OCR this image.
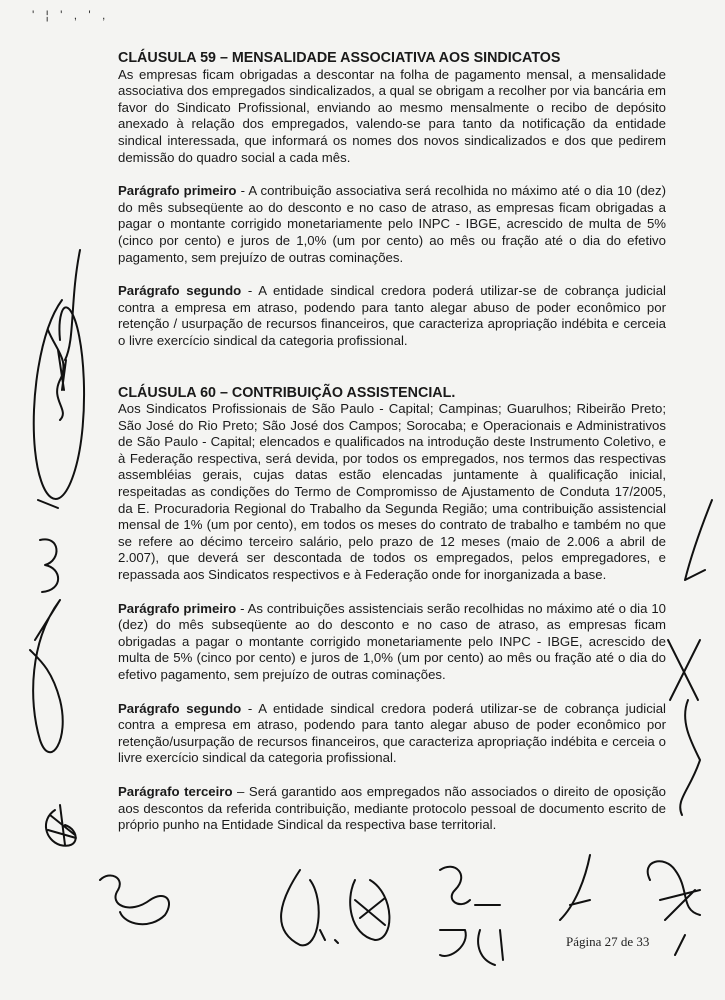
' ¦ ' , ' ,

CLÁUSULA 59 – MENSALIDADE ASSOCIATIVA AOS SINDICATOS

As empresas ficam obrigadas a descontar na folha de pagamento mensal, a mensalidade associativa dos empregados sindicalizados, a qual se obrigam a recolher por via bancária em favor do Sindicato Profissional, enviando ao mesmo mensalmente o recibo de depósito anexado à relação dos empregados, valendo-se para tanto da notificação da entidade sindical interessada, que informará os nomes dos novos sindicalizados e dos que pedirem demissão do quadro social a cada mês.

Parágrafo primeiro - A contribuição associativa será recolhida no máximo até o dia 10 (dez) do mês subseqüente ao do desconto e no caso de atraso, as empresas ficam obrigadas a pagar o montante corrigido monetariamente pelo INPC - IBGE, acrescido de multa de 5% (cinco por cento) e juros de 1,0% (um por cento) ao mês ou fração até o dia do efetivo pagamento, sem prejuízo de outras cominações.

Parágrafo segundo - A entidade sindical credora poderá utilizar-se de cobrança judicial contra a empresa em atraso, podendo para tanto alegar abuso de poder econômico por retenção / usurpação de recursos financeiros, que caracteriza apropriação indébita e cerceia o livre exercício sindical da categoria profissional.

CLÁUSULA 60 – CONTRIBUIÇÃO ASSISTENCIAL.

Aos Sindicatos Profissionais de São Paulo - Capital; Campinas; Guarulhos; Ribeirão Preto; São José do Rio Preto; São José dos Campos; Sorocaba; e Operacionais e Administrativos de São Paulo - Capital; elencados e qualificados na introdução deste Instrumento Coletivo, e à Federação respectiva, será devida, por todos os empregados, nos termos das respectivas assembléias gerais, cujas datas estão elencadas juntamente à qualificação inicial, respeitadas as condições do Termo de Compromisso de Ajustamento de Conduta 17/2005, da E. Procuradoria Regional do Trabalho da Segunda Região; uma contribuição assistencial mensal de 1% (um por cento), em todos os meses do contrato de trabalho e também no que se refere ao décimo terceiro salário, pelo prazo de 12 meses (maio de 2.006 a abril de 2.007), que deverá ser descontada de todos os empregados, pelos empregadores, e repassada aos Sindicatos respectivos e à Federação onde for inorganizada a base.

Parágrafo primeiro - As contribuições assistenciais serão recolhidas no máximo até o dia 10 (dez) do mês subseqüente ao do desconto e no caso de atraso, as empresas ficam obrigadas a pagar o montante corrigido monetariamente pelo INPC - IBGE, acrescido de multa de 5% (cinco por cento) e juros de 1,0% (um por cento) ao mês ou fração até o dia do efetivo pagamento, sem prejuízo de outras cominações.

Parágrafo segundo - A entidade sindical credora poderá utilizar-se de cobrança judicial contra a empresa em atraso, podendo para tanto alegar abuso de poder econômico por retenção/usurpação de recursos financeiros, que caracteriza apropriação indébita e cerceia o livre exercício sindical da categoria profissional.

Parágrafo terceiro – Será garantido aos empregados não associados o direito de oposição aos descontos da referida contribuição, mediante protocolo pessoal de documento escrito de próprio punho na Entidade Sindical da respectiva base territorial.

Página 27 de 33
